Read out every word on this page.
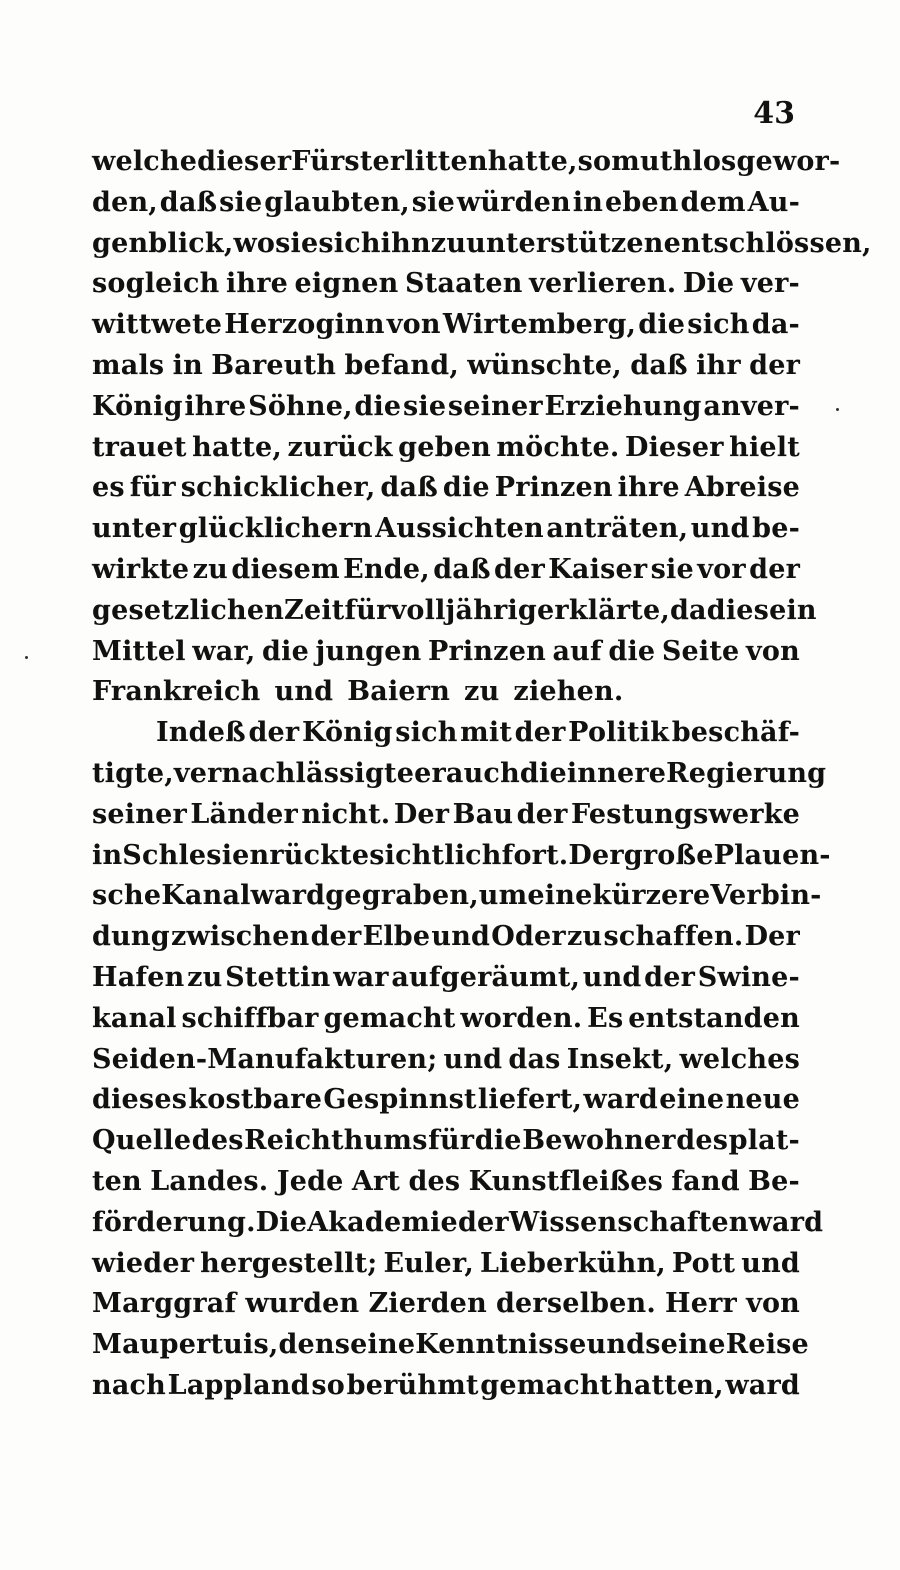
43
welche dieser Fürst erlitten hatte, so muthlos gewor-
den, daß sie glaubten, sie würden in eben dem Au-
genblick, wo sie sich ihn zu unterstützen entschlössen,
sogleich ihre eignen Staaten verlieren. Die ver-
wittwete Herzoginn von Wirtemberg, die sich da-
mals in Bareuth befand, wünschte, daß ihr der
König ihre Söhne, die sie seiner Erziehung anver-
trauet hatte, zurück geben möchte. Dieser hielt
es für schicklicher, daß die Prinzen ihre Abreise
unter glücklichern Aussichten anträten, und be-
wirkte zu diesem Ende, daß der Kaiser sie vor der
gesetzlichen Zeit für volljährig erklärte, da dies ein
Mittel war, die jungen Prinzen auf die Seite von
Frankreich und Baiern zu ziehen.
Indeß der König sich mit der Politik beschäf-
tigte, vernachlässigte er auch die innere Regierung
seiner Länder nicht. Der Bau der Festungswerke
in Schlesien rückte sichtlich fort. Der große Plauen-
sche Kanal ward gegraben, um eine kürzere Verbin-
dung zwischen der Elbe und Oder zu schaffen. Der
Hafen zu Stettin war aufgeräumt, und der Swine-
kanal schiffbar gemacht worden. Es entstanden
Seiden-Manufakturen; und das Insekt, welches
dieses kostbare Gespinnst liefert, ward eine neue
Quelle des Reichthums für die Bewohner des plat-
ten Landes. Jede Art des Kunstfleißes fand Be-
förderung. Die Akademie der Wissenschaften ward
wieder hergestellt; Euler, Lieberkühn, Pott und
Marggraf wurden Zierden derselben. Herr von
Maupertuis, den seine Kenntnisse und seine Reise
nach Lappland so berühmt gemacht hatten, ward
